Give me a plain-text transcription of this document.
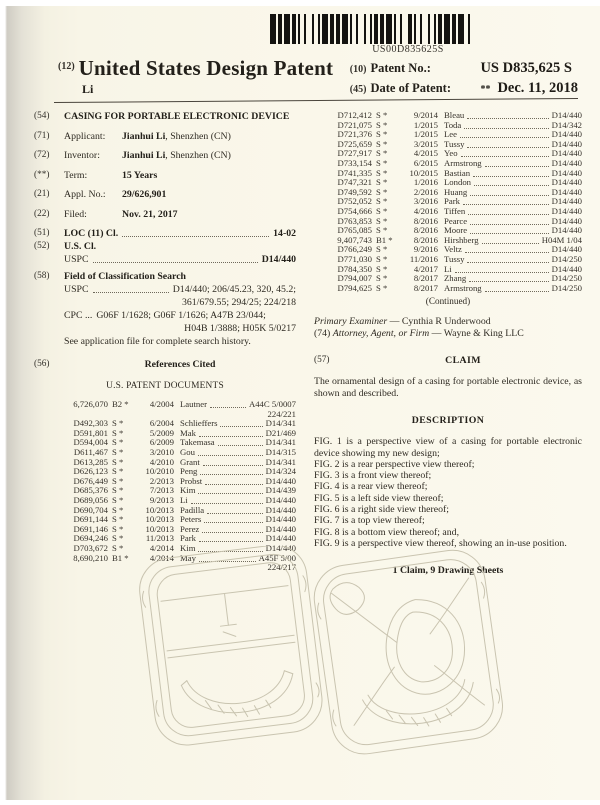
US00D835625S
$^{(12)}$ United States Design Patent
Li
(10) Patent No.:	US D835,625 S
(45) Date of Patent:	** Dec. 11, 2018
(54)	CASING FOR PORTABLE ELECTRONIC DEVICE
(71)	Applicant:	Jianhui Li, Shenzhen (CN)
(72)	Inventor:	Jianhui Li, Shenzhen (CN)
(**)	Term:	15 Years
(21)	Appl. No.:	29/626,901
(22)	Filed:	Nov. 21, 2017
(51)	LOC (11) Cl.	14-02
(52)	U.S. Cl.
USPC	D14/440
(58)	Field of Classification Search
USPC	D14/440; 206/45.23, 320, 45.2;
361/679.55; 294/25; 224/218
CPC ... G06F 1/1628; G06F 1/1626; A47B 23/044;
H04B 1/3888; H05K 5/0217
See application file for complete search history.
(56)	References Cited
U.S. PATENT DOCUMENTS
6,726,070 B2 *	4/2004 Lautner	A44C 5/0007
224/221
D492,303 S *	6/2004 Schlieffers	D14/341
D591,801 S *	5/2009 Mak	D21/469
D594,004 S *	6/2009 Takemasa	D14/341
D611,467 S *	3/2010 Gou	D14/315
D613,285 S *	4/2010 Grant	D14/341
D626,123 S *	10/2010 Peng	D14/324
D676,449 S *	2/2013 Probst	D14/440
D685,376 S *	7/2013 Kim	D14/439
D689,056 S *	9/2013 Li	D14/440
D690,704 S *	10/2013 Padilla	D14/440
D691,144 S *	10/2013 Peters	D14/440
D691,146 S *	10/2013 Perez	D14/440
D694,246 S *	11/2013 Park	D14/440
D703,672 S *	4/2014 Kim	D14/440
8,690,210 B1 *	4/2014 May	A45F 5/00
224/217
D712,412 S *	9/2014 Bleau	D14/440
D721,075 S *	1/2015 Toda	D14/342
D721,376 S *	1/2015 Lee	D14/440
D725,659 S *	3/2015 Tussy	D14/440
D727,917 S *	4/2015 Yeo	D14/440
D733,154 S *	6/2015 Armstrong	D14/440
D741,335 S *	10/2015 Bastian	D14/440
D747,321 S *	1/2016 London	D14/440
D749,592 S *	2/2016 Huang	D14/440
D752,052 S *	3/2016 Park	D14/440
D754,666 S *	4/2016 Tiffen	D14/440
D763,853 S *	8/2016 Pearce	D14/440
D765,085 S *	8/2016 Moore	D14/440
9,407,743 B1 *	8/2016 Hirshberg	H04M 1/04
D766,249 S *	9/2016 Veltz	D14/440
D771,030 S *	11/2016 Tussy	D14/250
D784,350 S *	4/2017 Li	D14/440
D794,007 S *	8/2017 Zhang	D14/250
D794,625 S *	8/2017 Armstrong	D14/250
(Continued)
Primary Examiner — Cynthia R Underwood
(74) Attorney, Agent, or Firm — Wayne & King LLC
(57)	CLAIM
The ornamental design of a casing for portable electronic device, as shown and described.
DESCRIPTION
FIG. 1 is a perspective view of a casing for portable electronic device showing my new design;
FIG. 2 is a rear perspective view thereof;
FIG. 3 is a front view thereof;
FIG. 4 is a rear view thereof;
FIG. 5 is a left side view thereof;
FIG. 6 is a right side view thereof;
FIG. 7 is a top view thereof;
FIG. 8 is a bottom view thereof; and,
FIG. 9 is a perspective view thereof, showing an in-use position.
1 Claim, 9 Drawing Sheets
